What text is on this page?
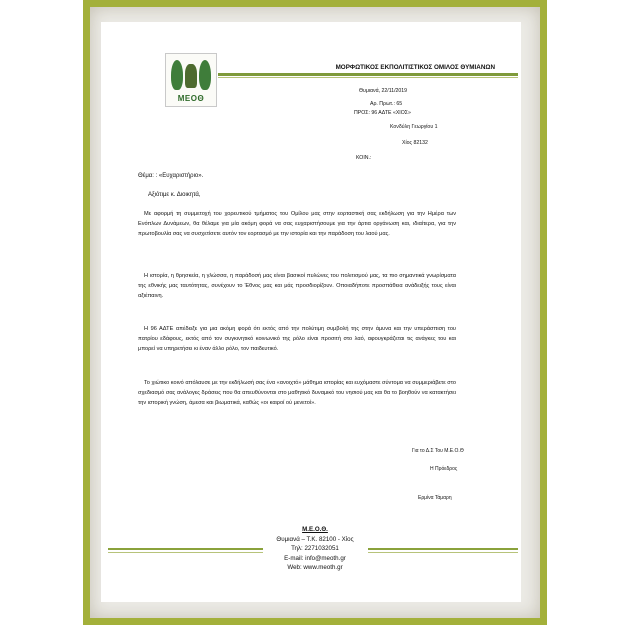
ΜΕΟΘ
ΜΟΡΦΩΤΙΚΟΣ ΕΚΠΟΛΙΤΙΣΤΙΚΟΣ ΟΜΙΛΟΣ ΘΥΜΙΑΝΩΝ
Θυμιανά, 22/11/2019
Αρ. Πρωτ.: 65
ΠΡΟΣ: 96 ΑΔΤΕ «ΧΙΟΣ»
Κονδύλη Γεωργίου 1
Χίος 82132
ΚΟΙΝ.:
Θέμα: : «Ευχαριστήριο».
Αξιότιμε κ. Διοικητά,
Με αφορμή τη συμμετοχή του χορευτικού τμήματος του Ομίλου μας στην εορταστική σας εκδήλωση για την Ημέρα των Ενόπλων Δυνάμεων, θα θέλαμε για μία ακόμη φορά να σας ευχαριστήσουμε για την άρτια οργάνωση και, ιδιαίτερα, για την πρωτοβουλία σας να συσχετίσετε αυτόν τον εορτασμό με την ιστορία και την παράδοση του λαού μας.
Η ιστορία, η θρησκεία, η γλώσσα, η παράδοσή μας είναι βασικοί πυλώνες του πολιτισμού μας, τα πιο σημαντικά γνωρίσματα της εθνικής μας ταυτότητας, συνέχουν το Έθνος μας και μάς προσδιορίζουν. Οποιαδήποτε προσπάθεια ανάδειξής τους είναι αξιέπαινη.
Η 96 ΑΔΤΕ απέδειξε για μια ακόμη φορά ότι εκτός από την πολύτιμη συμβολή της στην άμυνα και την υπεράσπιση του πατρίου εδάφους, εκτός από τον συγκινητικό κοινωνικό της ρόλο είναι προσιτή στο λαό, αφουγκράζεται τις ανάγκες του και μπορεί να υπηρετήσει κι έναν άλλο ρόλο, τον παιδευτικό.
Το χιώτικο κοινό απόλαυσε με την εκδήλωσή σας ένα «ανοιχτό» μάθημα ιστορίας και ευχόμαστε σύντομα να συμμεριάβετε στο σχεδιασμό σας ανάλογες δράσεις που θα απευθύνονται στο μαθητικό δυναμικό του νησιού μας και θα το βοηθούν να κατακτήσει την ιστορική γνώση, άμεσα και βιωματικά, καθώς «οι καιροί ού μενετοί».
Για το Δ.Σ Του Μ.Ε.Ο.Θ
Η Πρόεδρος
Ερμίνα Τάμαρη
Μ.Ε.Ο.Θ.
Θυμιανά – Τ.Κ. 82100 - Χίος
Τηλ: 2271032051
E-mail: info@meoth.gr
Web: www.meoth.gr
